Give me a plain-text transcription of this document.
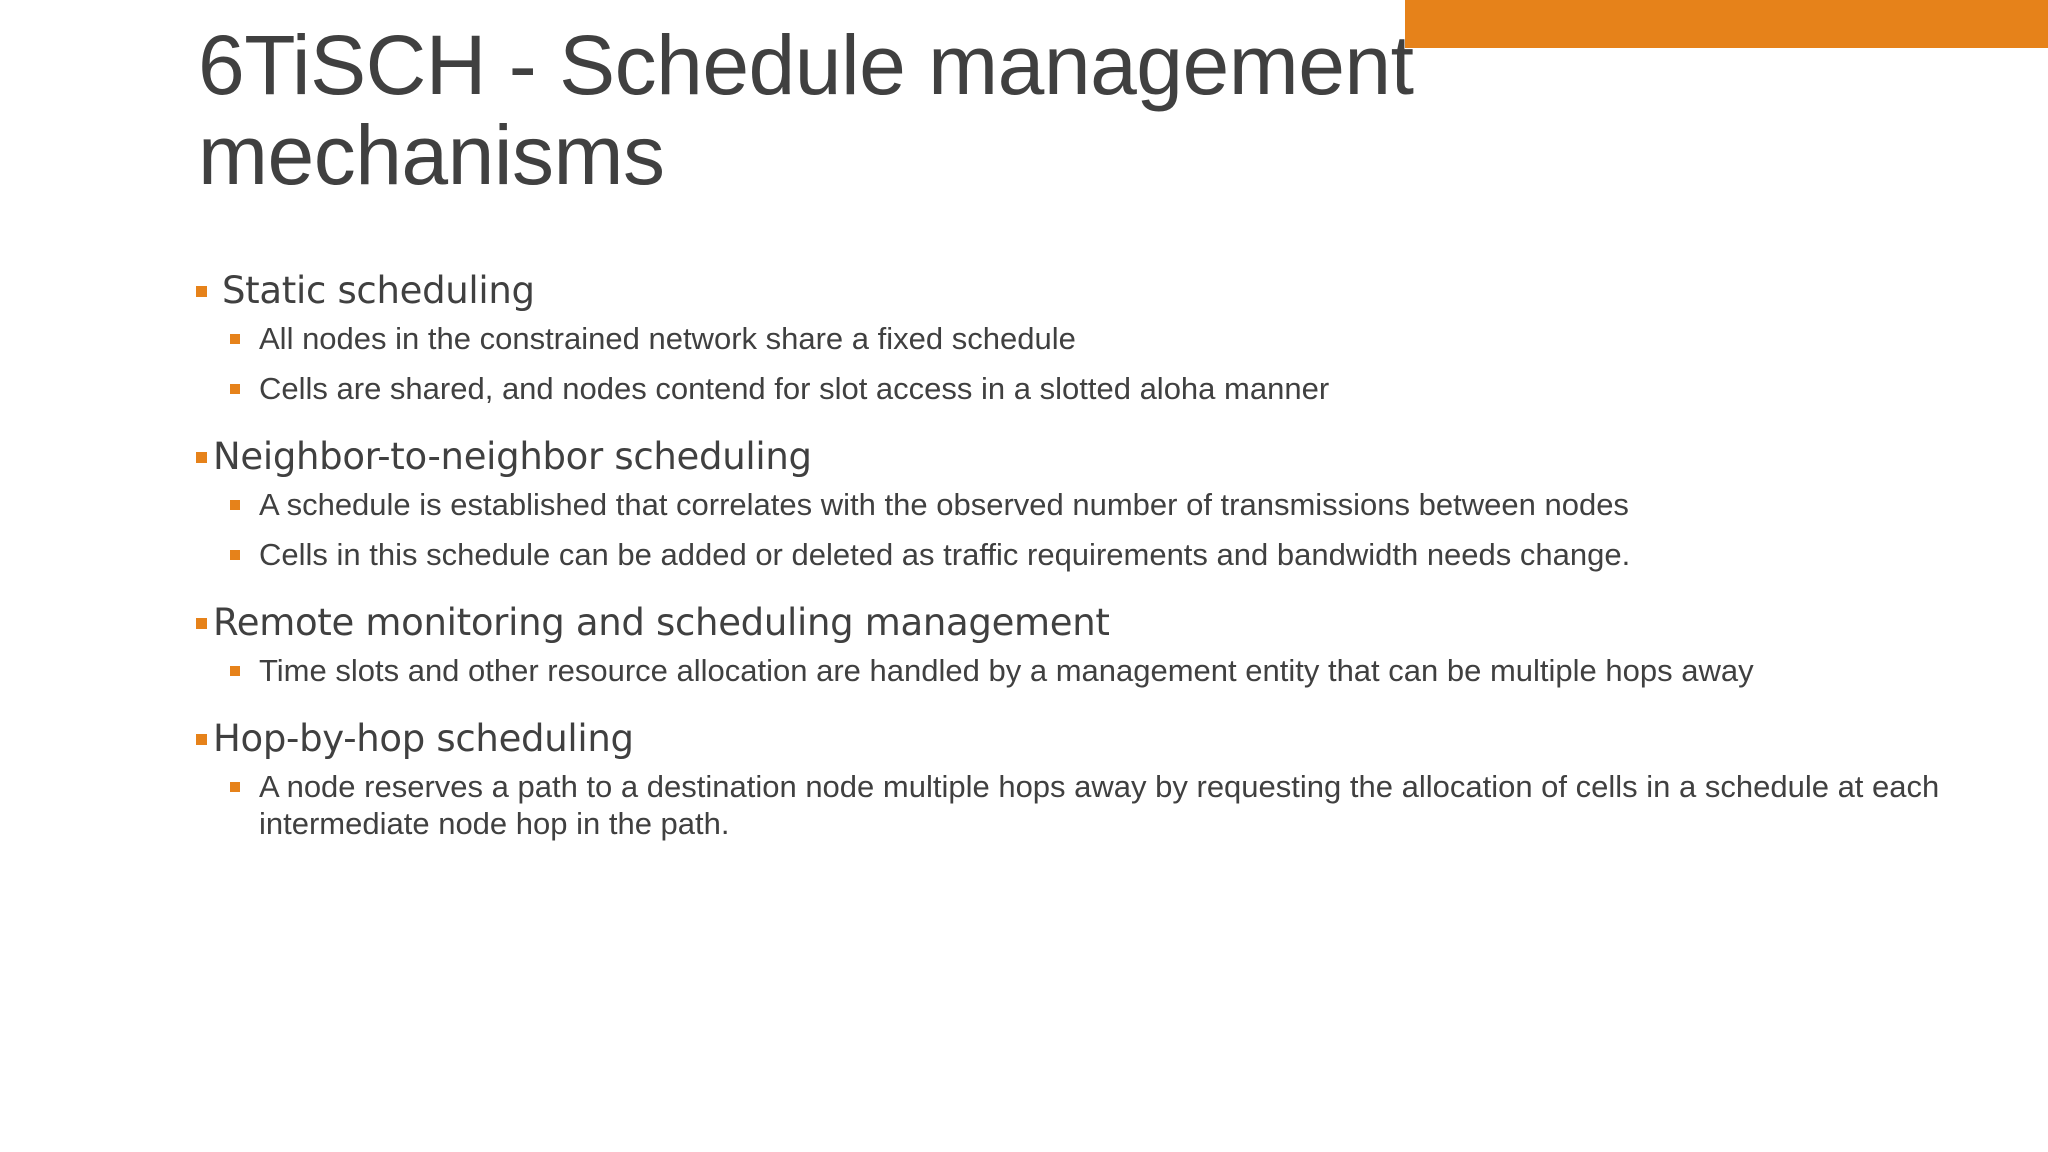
6TiSCH - Schedule management mechanisms
Static scheduling
All nodes in the constrained network share a fixed schedule
Cells are shared, and nodes contend for slot access in a slotted aloha manner
Neighbor-to-neighbor scheduling
A schedule is established that correlates with the observed number of transmissions between nodes
Cells in this schedule can be added or deleted as traffic requirements and bandwidth needs change.
Remote monitoring and scheduling management
Time slots and other resource allocation are handled by a management entity that can be multiple hops away
Hop-by-hop scheduling
A node reserves a path to a destination node multiple hops away by requesting the allocation of cells in a schedule at each intermediate node hop in the path.
